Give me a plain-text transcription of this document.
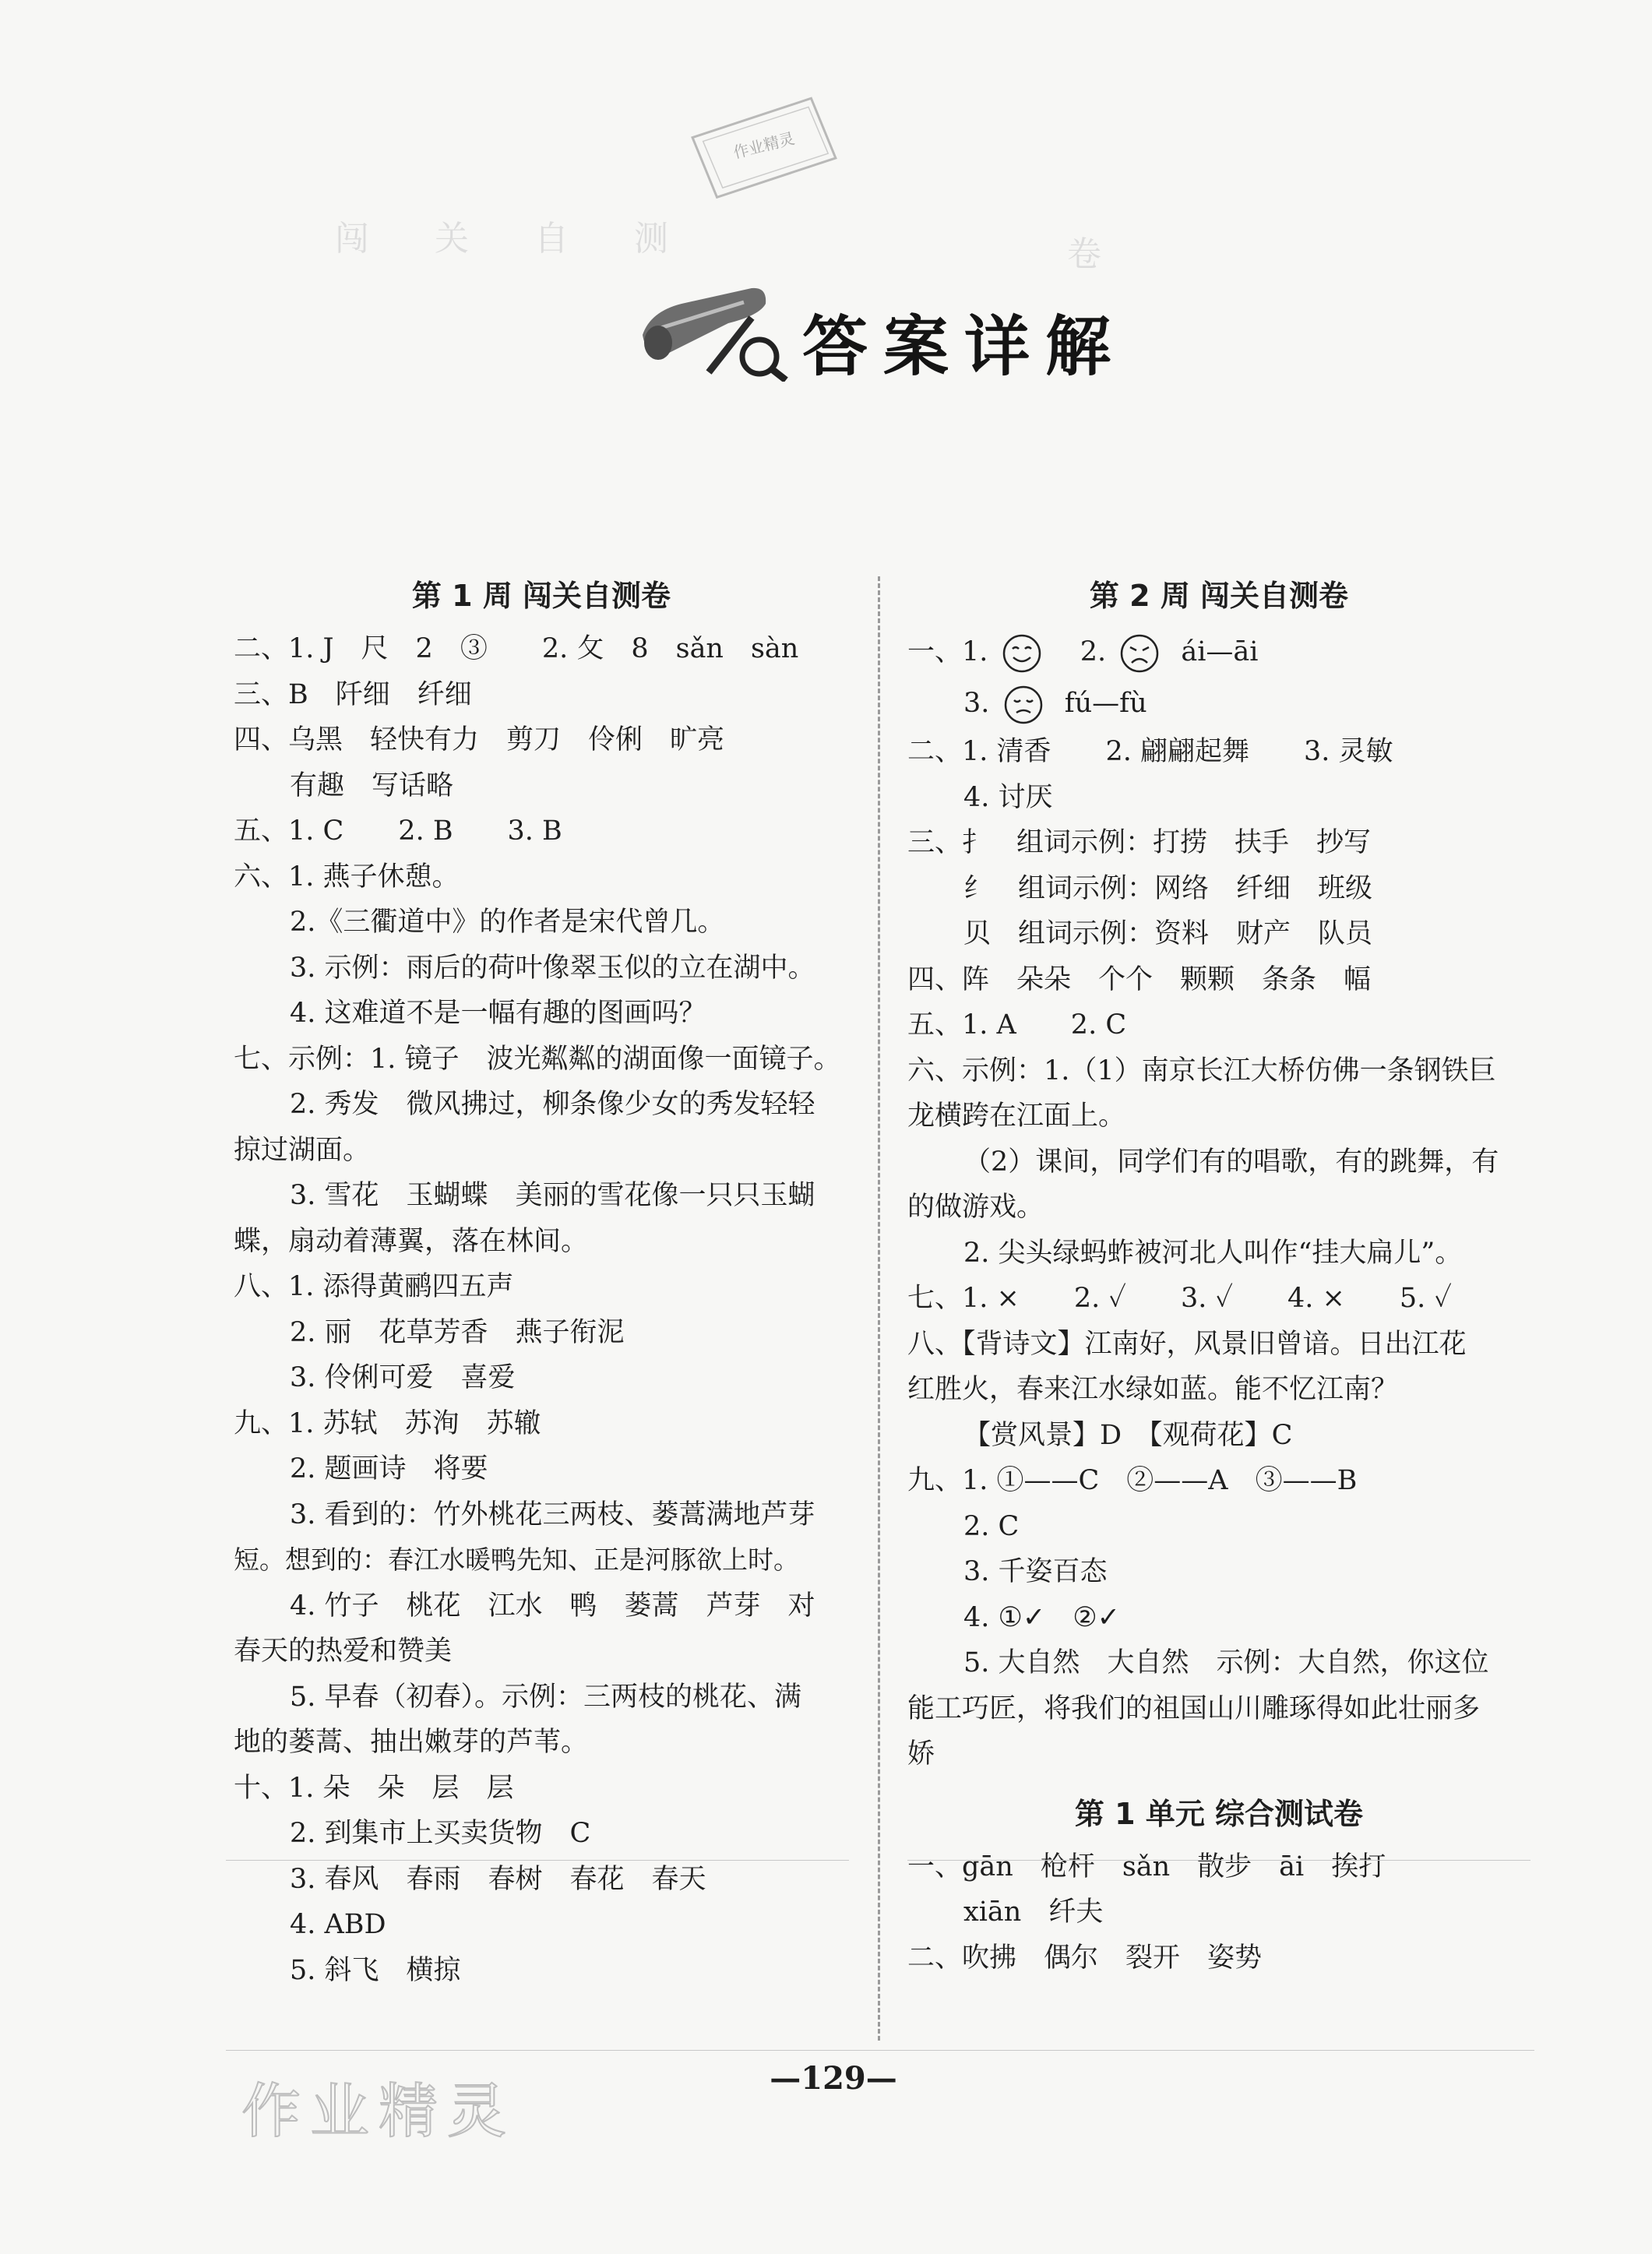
作业精灵
闯　关　自　测	卷
答案详解
第 1 周 闯关自测卷
二、1. J　尺　2　③　　2. 攵　8　sǎn　sàn
三、B　阡细　纤细
四、乌黑　轻快有力　剪刀　伶俐　旷亮
有趣　写话略
五、1. C　　2. B　　3. B
六、1. 燕子休憩。
2.《三衢道中》的作者是宋代曾几。
3. 示例：雨后的荷叶像翠玉似的立在湖中。
4. 这难道不是一幅有趣的图画吗？
七、示例：1. 镜子　波光粼粼的湖面像一面镜子。
2. 秀发　微风拂过，柳条像少女的秀发轻轻
掠过湖面。
3. 雪花　玉蝴蝶　美丽的雪花像一只只玉蝴
蝶，扇动着薄翼，落在林间。
八、1. 添得黄鹂四五声
2. 丽　花草芳香　燕子衔泥
3. 伶俐可爱　喜爱
九、1. 苏轼　苏洵　苏辙
2. 题画诗　将要
3. 看到的：竹外桃花三两枝、蒌蒿满地芦芽
短。想到的：春江水暖鸭先知、正是河豚欲上时。
4. 竹子　桃花　江水　鸭　蒌蒿　芦芽　对
春天的热爱和赞美
5. 早春（初春）。示例：三两枝的桃花、满
地的蒌蒿、抽出嫩芽的芦苇。
十、1. 朵　朵　层　层
2. 到集市上买卖货物　C
3. 春风　春雨　春树　春花　春天
4. ABD
5. 斜飞　横掠
第 2 周 闯关自测卷
一、1.	2.	ái—āi
3.	fú—fù
二、1. 清香　　2. 翩翩起舞　　3. 灵敏
4. 讨厌
三、扌　组词示例：打捞　扶手　抄写
纟　组词示例：网络　纤细　班级
贝　组词示例：资料　财产　队员
四、阵　朵朵　个个　颗颗　条条　幅
五、1. A　　2. C
六、示例：1.（1）南京长江大桥仿佛一条钢铁巨
龙横跨在江面上。
（2）课间，同学们有的唱歌，有的跳舞，有
的做游戏。
2. 尖头绿蚂蚱被河北人叫作“挂大扁儿”。
七、1. ×　　2. ✓　　3. ✓　　4. ×　　5. ✓
八、【背诗文】江南好，风景旧曾谙。日出江花
红胜火，春来江水绿如蓝。能不忆江南？
【赏风景】D　【观荷花】C
九、1. ①——C　②——A　③——B
2. C
3. 千姿百态
4. ①✓　②✓
5. 大自然　大自然　示例：大自然，你这位
能工巧匠，将我们的祖国山川雕琢得如此壮丽多
娇
第 1 单元 综合测试卷
一、gān　枪杆　sǎn　散步　āi　挨打
xiān　纤夫
二、吹拂　偶尔　裂开　姿势
作业精灵	—129—
